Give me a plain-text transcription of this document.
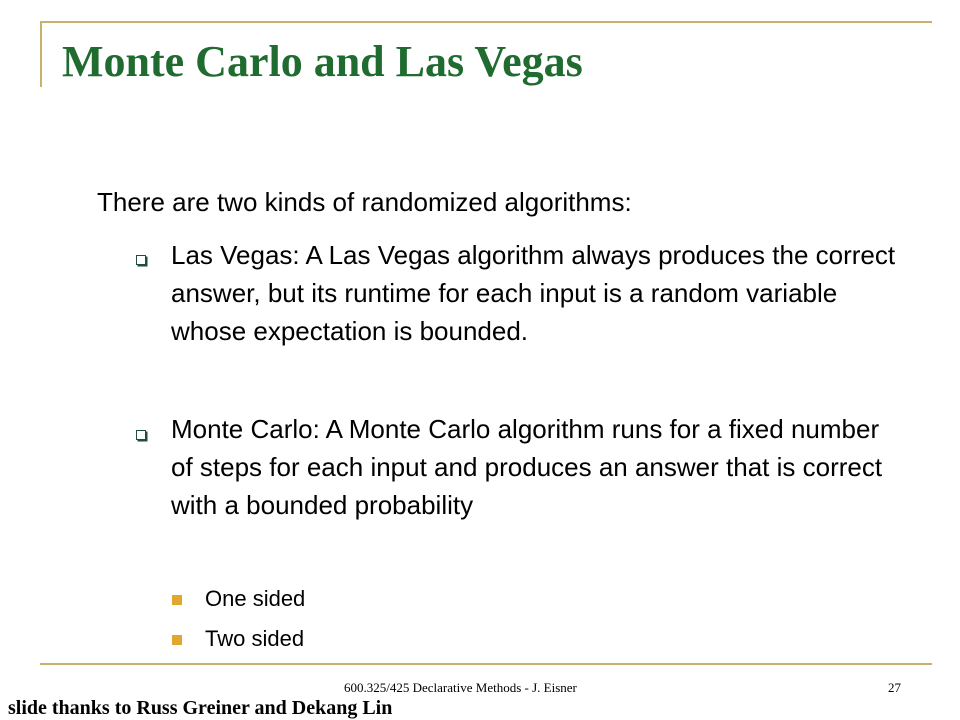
Monte Carlo and Las Vegas

There are two kinds of randomized algorithms:

Las Vegas: A Las Vegas algorithm always produces the correct answer, but its runtime for each input is a random variable whose expectation is bounded.

Monte Carlo: A Monte Carlo algorithm runs for a fixed number of steps for each input and produces an answer that is correct with a bounded probability

One sided

Two sided

600.325/425 Declarative Methods - J. Eisner	27
slide thanks to Russ Greiner and Dekang Lin
